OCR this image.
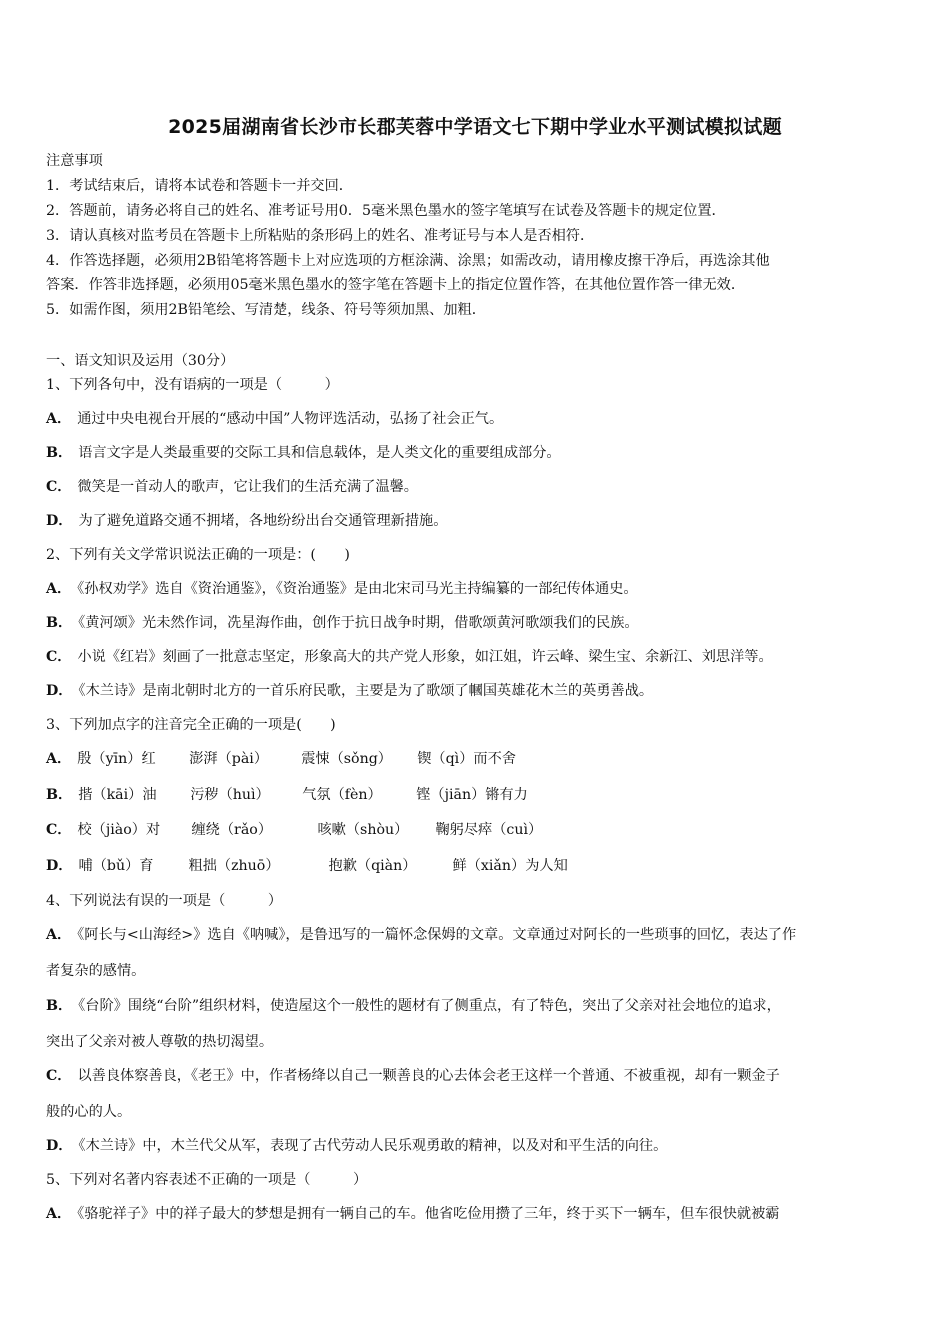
2025届湖南省长沙市长郡芙蓉中学语文七下期中学业水平测试模拟试题
注意事项
1．考试结束后，请将本试卷和答题卡一并交回．
2．答题前，请务必将自己的姓名、准考证号用0．5毫米黑色墨水的签字笔填写在试卷及答题卡的规定位置．
3．请认真核对监考员在答题卡上所粘贴的条形码上的姓名、准考证号与本人是否相符．
4．作答选择题，必须用2B铅笔将答题卡上对应选项的方框涂满、涂黑；如需改动，请用橡皮擦干净后，再选涂其他
答案．作答非选择题，必须用05毫米黑色墨水的签字笔在答题卡上的指定位置作答，在其他位置作答一律无效．
5．如需作图，须用2B铅笔绘、写清楚，线条、符号等须加黑、加粗．
一、语文知识及运用（30分）
1、下列各句中，没有语病的一项是（　　　）
A． 通过中央电视台开展的“感动中国”人物评选活动，弘扬了社会正气。
B． 语言文字是人类最重要的交际工具和信息载体，是人类文化的重要组成部分。
C． 微笑是一首动人的歌声，它让我们的生活充满了温馨。
D． 为了避免道路交通不拥堵，各地纷纷出台交通管理新措施。
2、下列有关文学常识说法正确的一项是：(　　)
A． 《孙权劝学》选自《资治通鉴》，《资治通鉴》是由北宋司马光主持编纂的一部纪传体通史。
B． 《黄河颂》光未然作词，冼星海作曲，创作于抗日战争时期，借歌颂黄河歌颂我们的民族。
C． 小说《红岩》刻画了一批意志坚定，形象高大的共产党人形象，如江姐，许云峰、梁生宝、余新江、刘思洋等。
D． 《木兰诗》是南北朝时北方的一首乐府民歌，主要是为了歌颂了幗国英雄花木兰的英勇善战。
3、下列加点字的注音完全正确的一项是(　　)
A． 殷（yīn）红 澎湃（pài） 震悚（sǒng） 锲（qì）而不舍
B． 揩（kāi）油 污秽（huì） 气氛（fèn） 铿（jiān）锵有力
C． 校（jiào）对 缠绕（rǎo）	咳嗽（shòu） 鞠躬尽瘁（cuì）
D． 哺（bǔ）育 粗拙（zhuō）	抱歉（qiàn）	鲜（xiǎn）为人知
4、下列说法有误的一项是（　　　）
A． 《阿长与<山海经>》选自《呐喊》，是鲁迅写的一篇怀念保姆的文章。文章通过对阿长的一些琐事的回忆，表达了作
者复杂的感情。
B． 《台阶》围绕“台阶”组织材料，使造屋这个一般性的题材有了侧重点，有了特色，突出了父亲对社会地位的追求，
突出了父亲对被人尊敬的热切渴望。
C． 以善良体察善良，《老王》中，作者杨绛以自己一颗善良的心去体会老王这样一个普通、不被重视，却有一颗金子
般的心的人。
D． 《木兰诗》中，木兰代父从军，表现了古代劳动人民乐观勇敢的精神，以及对和平生活的向往。
5、下列对名著内容表述不正确的一项是（　　　）
A． 《骆驼祥子》中的祥子最大的梦想是拥有一辆自己的车。他省吃俭用攒了三年，终于买下一辆车，但车很快就被霸
